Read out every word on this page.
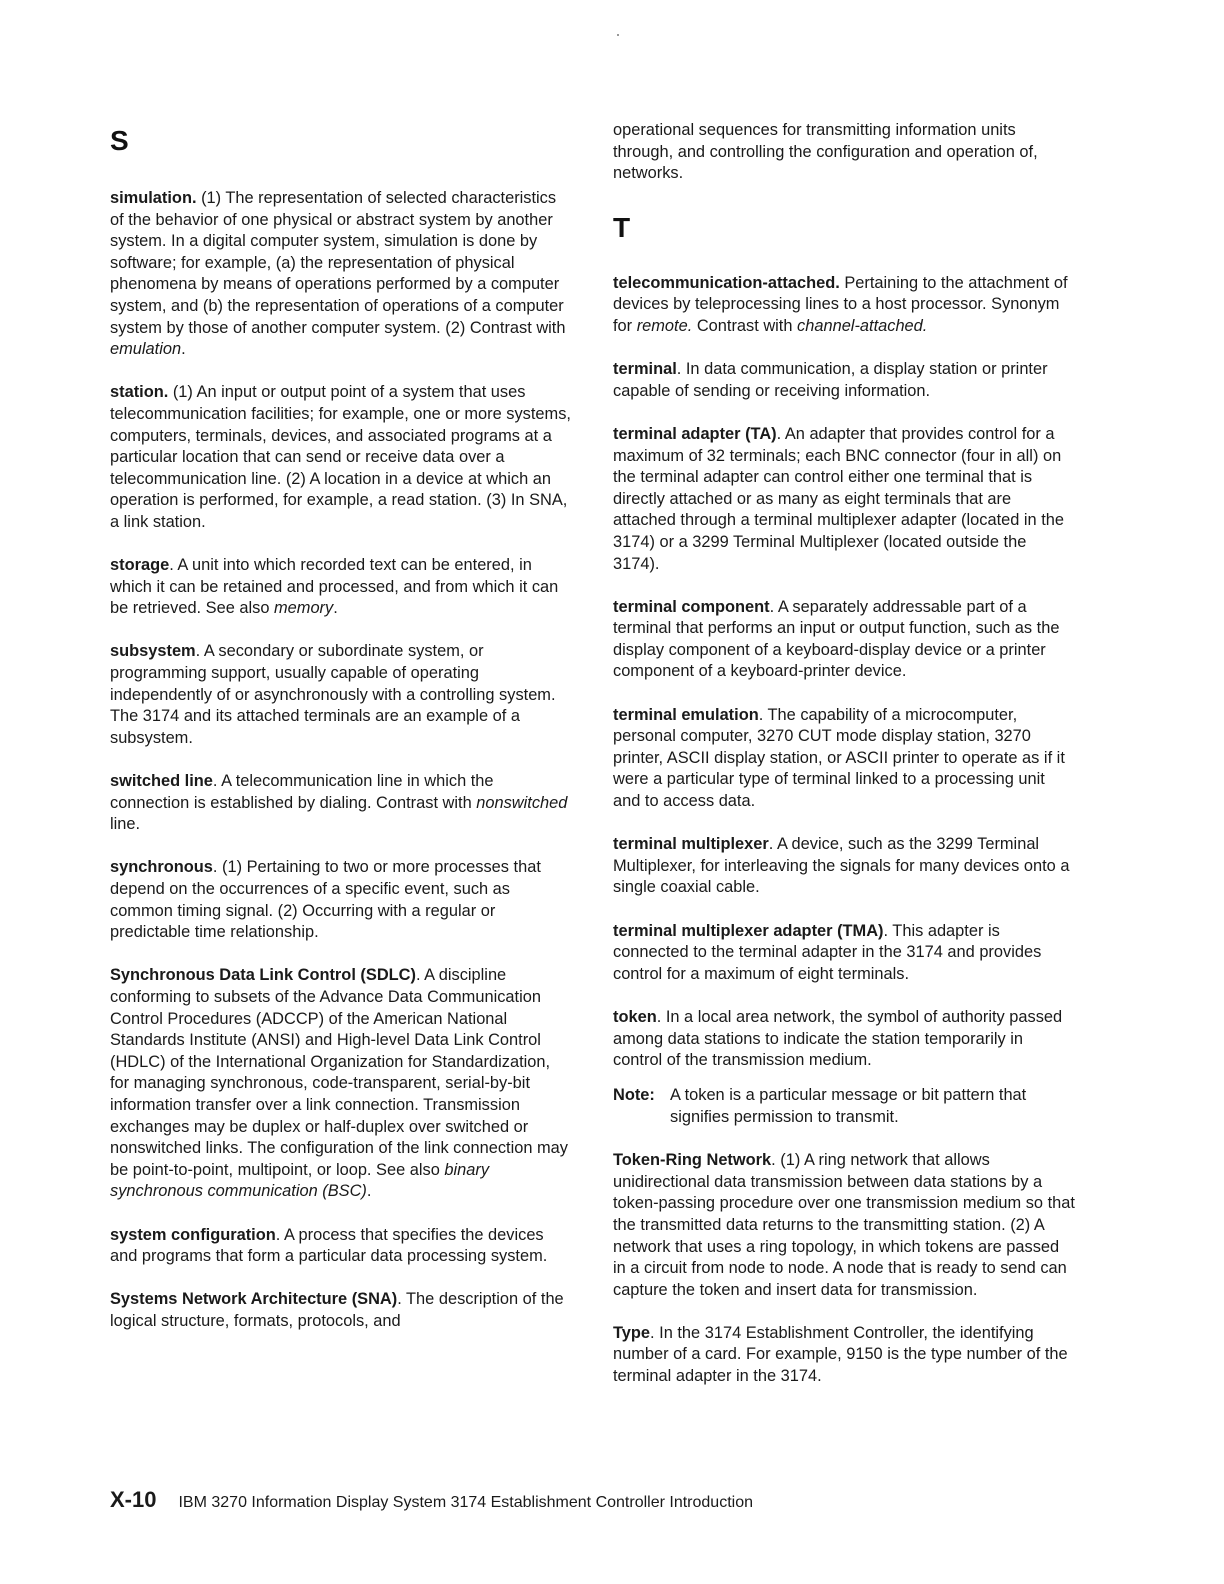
S

simulation. (1) The representation of selected characteristics of the behavior of one physical or abstract system by another system. In a digital computer system, simulation is done by software; for example, (a) the representation of physical phenomena by means of operations performed by a computer system, and (b) the representation of operations of a computer system by those of another computer system. (2) Contrast with emulation.

station. (1) An input or output point of a system that uses telecommunication facilities; for example, one or more systems, computers, terminals, devices, and associated programs at a particular location that can send or receive data over a telecommunication line. (2) A location in a device at which an operation is performed, for example, a read station. (3) In SNA, a link station.

storage. A unit into which recorded text can be entered, in which it can be retained and processed, and from which it can be retrieved. See also memory.

subsystem. A secondary or subordinate system, or programming support, usually capable of operating independently of or asynchronously with a controlling system. The 3174 and its attached terminals are an example of a subsystem.

switched line. A telecommunication line in which the connection is established by dialing. Contrast with nonswitched line.

synchronous. (1) Pertaining to two or more processes that depend on the occurrences of a specific event, such as common timing signal. (2) Occurring with a regular or predictable time relationship.

Synchronous Data Link Control (SDLC). A discipline conforming to subsets of the Advance Data Communication Control Procedures (ADCCP) of the American National Standards Institute (ANSI) and High-level Data Link Control (HDLC) of the International Organization for Standardization, for managing synchronous, code-transparent, serial-by-bit information transfer over a link connection. Transmission exchanges may be duplex or half-duplex over switched or nonswitched links. The configuration of the link connection may be point-to-point, multipoint, or loop. See also binary synchronous communication (BSC).

system configuration. A process that specifies the devices and programs that form a particular data processing system.

Systems Network Architecture (SNA). The description of the logical structure, formats, protocols, and

operational sequences for transmitting information units through, and controlling the configuration and operation of, networks.

T

telecommunication-attached. Pertaining to the attachment of devices by teleprocessing lines to a host processor. Synonym for remote. Contrast with channel-attached.

terminal. In data communication, a display station or printer capable of sending or receiving information.

terminal adapter (TA). An adapter that provides control for a maximum of 32 terminals; each BNC connector (four in all) on the terminal adapter can control either one terminal that is directly attached or as many as eight terminals that are attached through a terminal multiplexer adapter (located in the 3174) or a 3299 Terminal Multiplexer (located outside the 3174).

terminal component. A separately addressable part of a terminal that performs an input or output function, such as the display component of a keyboard-display device or a printer component of a keyboard-printer device.

terminal emulation. The capability of a microcomputer, personal computer, 3270 CUT mode display station, 3270 printer, ASCII display station, or ASCII printer to operate as if it were a particular type of terminal linked to a processing unit and to access data.

terminal multiplexer. A device, such as the 3299 Terminal Multiplexer, for interleaving the signals for many devices onto a single coaxial cable.

terminal multiplexer adapter (TMA). This adapter is connected to the terminal adapter in the 3174 and provides control for a maximum of eight terminals.

token. In a local area network, the symbol of authority passed among data stations to indicate the station temporarily in control of the transmission medium.

Note: A token is a particular message or bit pattern that signifies permission to transmit.

Token-Ring Network. (1) A ring network that allows unidirectional data transmission between data stations by a token-passing procedure over one transmission medium so that the transmitted data returns to the transmitting station. (2) A network that uses a ring topology, in which tokens are passed in a circuit from node to node. A node that is ready to send can capture the token and insert data for transmission.

Type. In the 3174 Establishment Controller, the identifying number of a card. For example, 9150 is the type number of the terminal adapter in the 3174.

X-10 IBM 3270 Information Display System 3174 Establishment Controller Introduction
